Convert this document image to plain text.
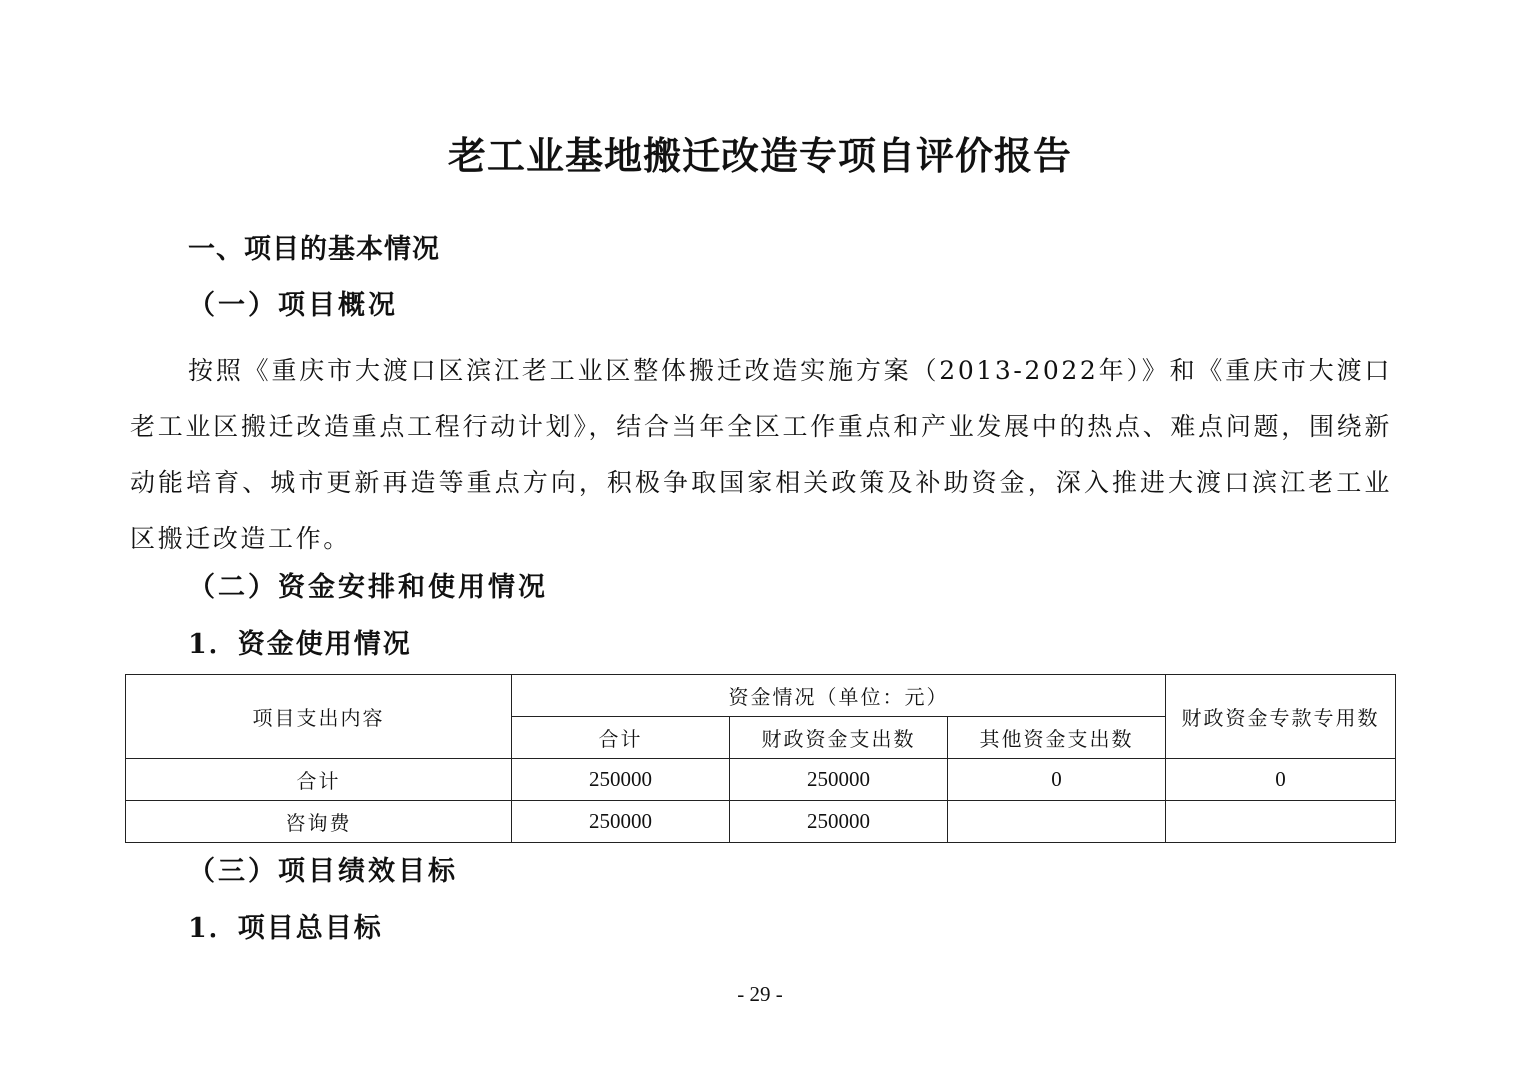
老工业基地搬迁改造专项自评价报告
一、项目的基本情况
（一）项目概况

按照《重庆市大渡口区滨江老工业区整体搬迁改造实施方案（2013-2022年）》和《重庆市大渡口老工业区搬迁改造重点工程行动计划》，结合当年全区工作重点和产业发展中的热点、难点问题，围绕新动能培育、城市更新再造等重点方向，积极争取国家相关政策及补助资金，深入推进大渡口滨江老工业区搬迁改造工作。

（二）资金安排和使用情况
1．资金使用情况
项目支出内容	资金情况（单位：元）			财政资金专款专用数
	合计	财政资金支出数	其他资金支出数	
合计	250000	250000	0	0
咨询费	250000	250000		
（三）项目绩效目标
1．项目总目标
- 29 -
